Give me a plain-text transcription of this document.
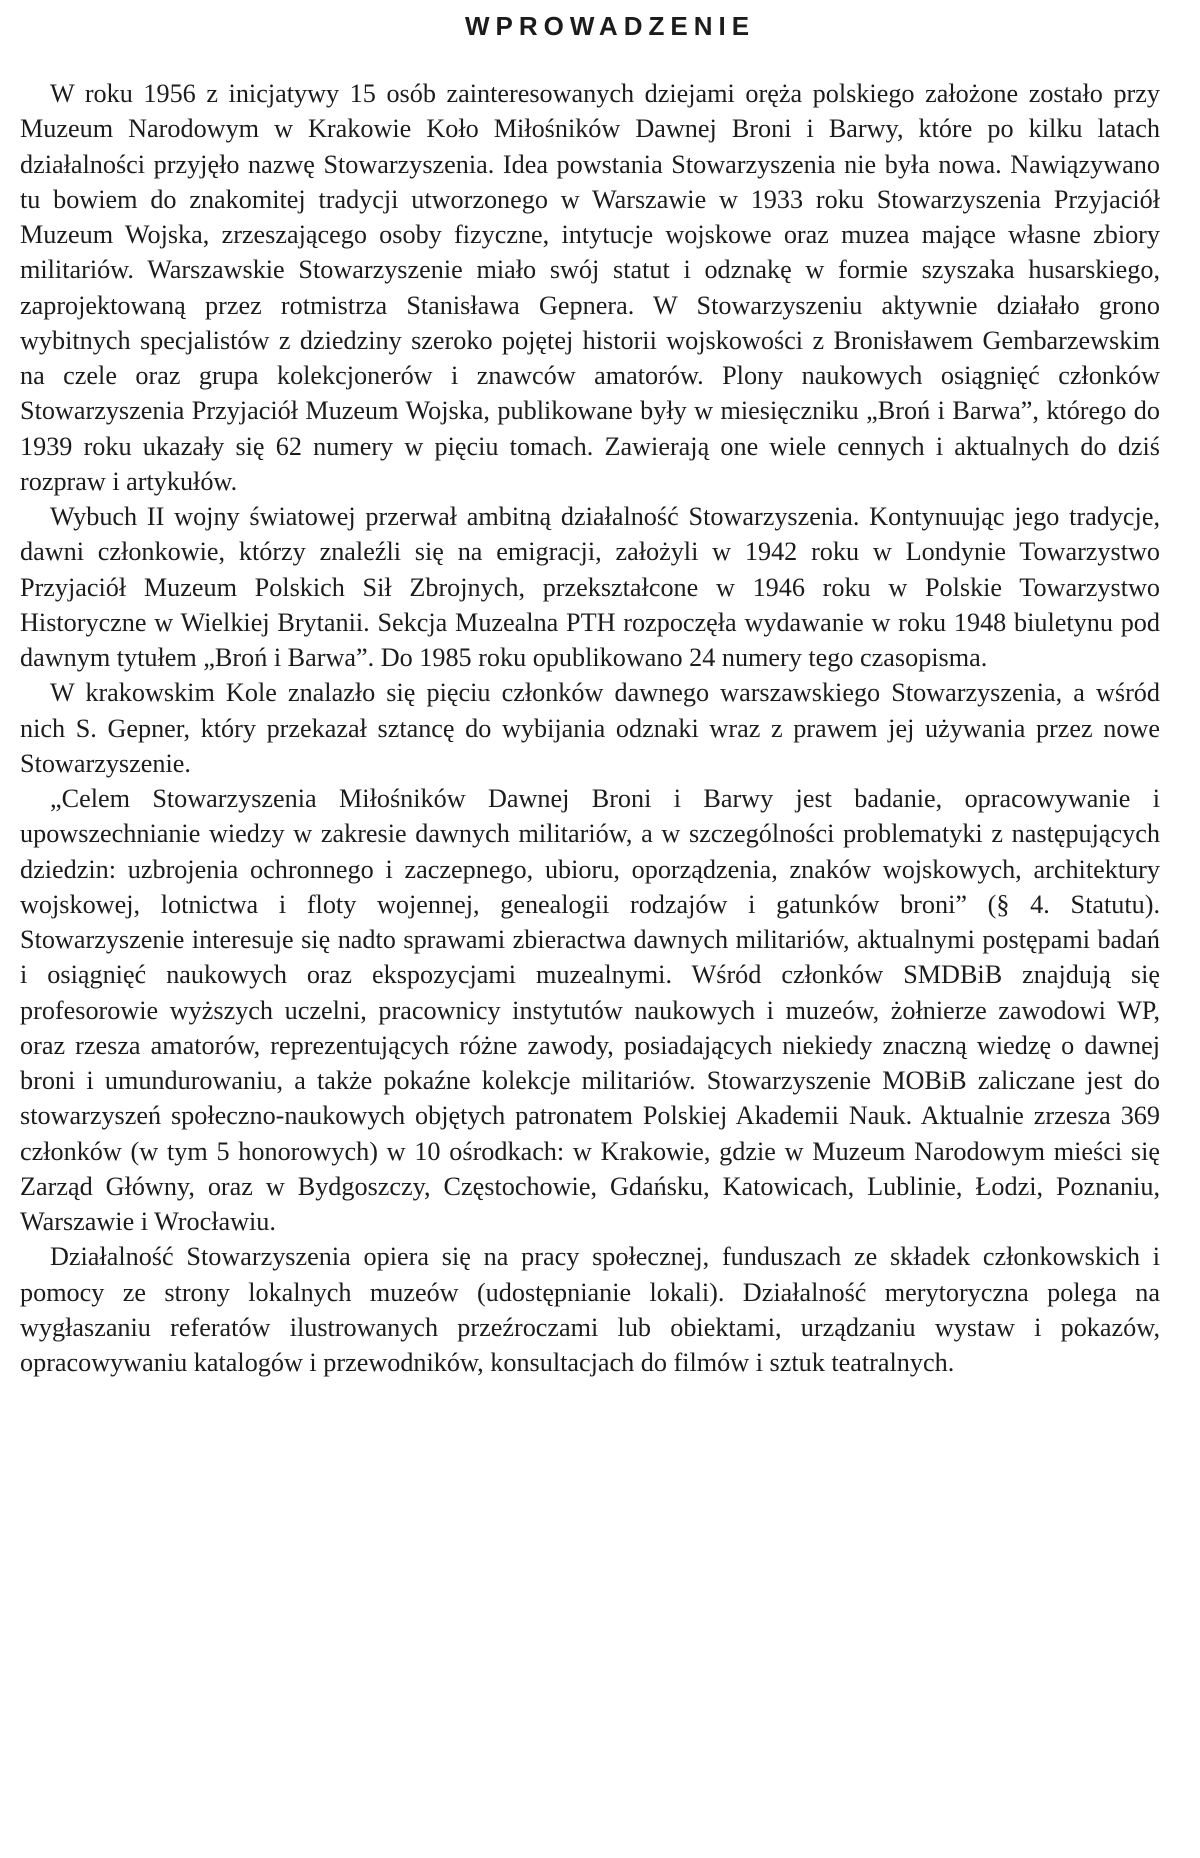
WPROWADZENIE

W roku 1956 z inicjatywy 15 osób zainteresowanych dziejami oręża polskiego założone zostało przy Muzeum Narodowym w Krakowie Koło Miłośników Dawnej Broni i Barwy, które po kilku latach działalności przyjęło nazwę Stowarzyszenia. Idea powstania Stowarzyszenia nie była nowa. Nawiązywano tu bowiem do znakomitej tradycji utworzonego w Warszawie w 1933 roku Stowarzyszenia Przyjaciół Muzeum Wojska, zrzeszającego osoby fizyczne, intytucje wojskowe oraz muzea mające własne zbiory militariów. Warszawskie Stowarzyszenie miało swój statut i odznakę w formie szyszaka husarskiego, zaprojektowaną przez rotmistrza Stanisława Gepnera. W Stowarzyszeniu aktywnie działało grono wybitnych specjalistów z dziedziny szeroko pojętej historii wojskowości z Bronisławem Gembarzewskim na czele oraz grupa kolekcjonerów i znawców amatorów. Plony naukowych osiągnięć członków Stowarzyszenia Przyjaciół Muzeum Wojska, publikowane były w miesięczniku „Broń i Barwa”, którego do 1939 roku ukazały się 62 numery w pięciu tomach. Zawierają one wiele cennych i aktualnych do dziś rozpraw i artykułów.

Wybuch II wojny światowej przerwał ambitną działalność Stowarzyszenia. Kontynuując jego tradycje, dawni członkowie, którzy znaleźli się na emigracji, założyli w 1942 roku w Londynie Towarzystwo Przyjaciół Muzeum Polskich Sił Zbrojnych, przekształcone w 1946 roku w Polskie Towarzystwo Historyczne w Wielkiej Brytanii. Sekcja Muzealna PTH rozpoczęła wydawanie w roku 1948 biuletynu pod dawnym tytułem „Broń i Barwa”. Do 1985 roku opublikowano 24 numery tego czasopisma.

W krakowskim Kole znalazło się pięciu członków dawnego warszawskiego Stowarzyszenia, a wśród nich S. Gepner, który przekazał sztancę do wybijania odznaki wraz z prawem jej używania przez nowe Stowarzyszenie.

„Celem Stowarzyszenia Miłośników Dawnej Broni i Barwy jest badanie, opracowywanie i upowszechnianie wiedzy w zakresie dawnych militariów, a w szczególności problematyki z następujących dziedzin: uzbrojenia ochronnego i zaczepnego, ubioru, oporządzenia, znaków wojskowych, architektury wojskowej, lotnictwa i floty wojennej, genealogii rodzajów i gatunków broni” (§ 4. Statutu). Stowarzyszenie interesuje się nadto sprawami zbieractwa dawnych militariów, aktualnymi postępami badań i osiągnięć naukowych oraz ekspozycjami muzealnymi. Wśród członków SMDBiB znajdują się profesorowie wyższych uczelni, pracownicy instytutów naukowych i muzeów, żołnierze zawodowi WP, oraz rzesza amatorów, reprezentujących różne zawody, posiadających niekiedy znaczną wiedzę o dawnej broni i umundurowaniu, a także pokaźne kolekcje militariów. Stowarzyszenie MOBiB zaliczane jest do stowarzyszeń społeczno-naukowych objętych patronatem Polskiej Akademii Nauk. Aktualnie zrzesza 369 członków (w tym 5 honorowych) w 10 ośrodkach: w Krakowie, gdzie w Muzeum Narodowym mieści się Zarząd Główny, oraz w Bydgoszczy, Częstochowie, Gdańsku, Katowicach, Lublinie, Łodzi, Poznaniu, Warszawie i Wrocławiu.

Działalność Stowarzyszenia opiera się na pracy społecznej, funduszach ze składek członkowskich i pomocy ze strony lokalnych muzeów (udostępnianie lokali). Działalność merytoryczna polega na wygłaszaniu referatów ilustrowanych przeźroczami lub obiektami, urządzaniu wystaw i pokazów, opracowywaniu katalogów i przewodników, konsultacjach do filmów i sztuk teatralnych.
